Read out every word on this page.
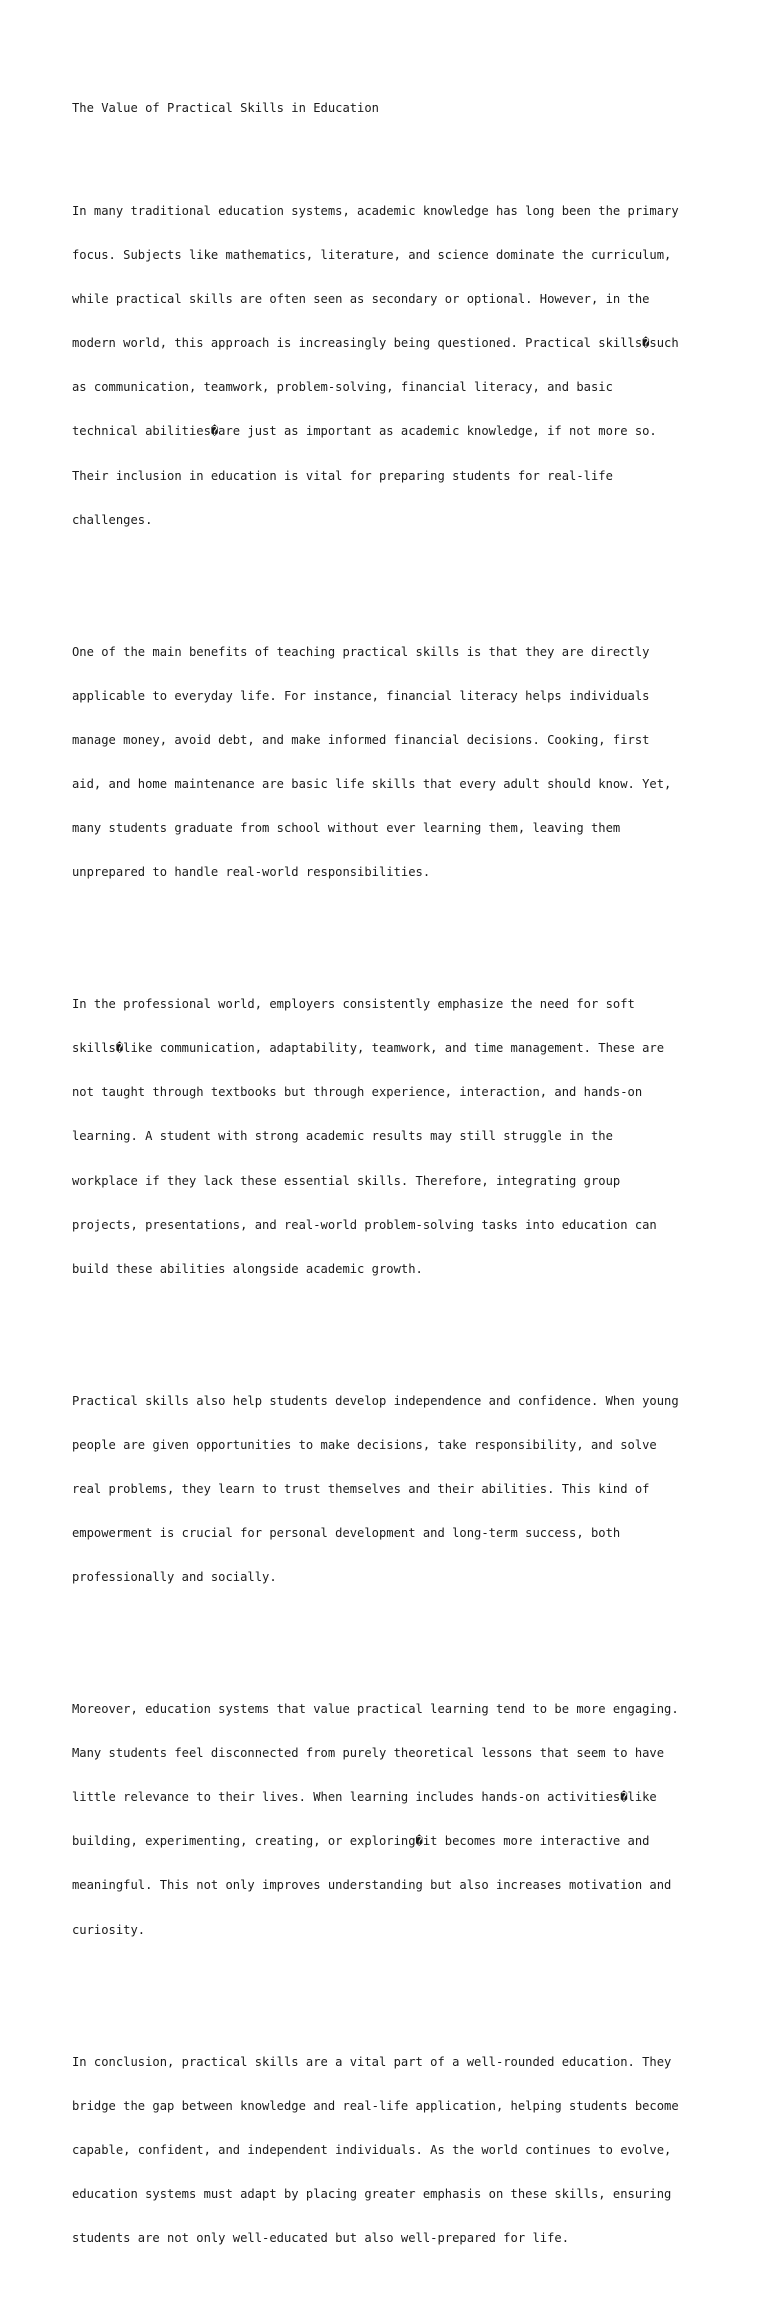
The Value of Practical Skills in Education

In many traditional education systems, academic knowledge has long been the primary

focus. Subjects like mathematics, literature, and science dominate the curriculum,

while practical skills are often seen as secondary or optional. However, in the

modern world, this approach is increasingly being questioned. Practical skills�such

as communication, teamwork, problem-solving, financial literacy, and basic

technical abilities�are just as important as academic knowledge, if not more so.

Their inclusion in education is vital for preparing students for real-life

challenges.

One of the main benefits of teaching practical skills is that they are directly

applicable to everyday life. For instance, financial literacy helps individuals

manage money, avoid debt, and make informed financial decisions. Cooking, first

aid, and home maintenance are basic life skills that every adult should know. Yet,

many students graduate from school without ever learning them, leaving them

unprepared to handle real-world responsibilities.

In the professional world, employers consistently emphasize the need for soft

skills�like communication, adaptability, teamwork, and time management. These are

not taught through textbooks but through experience, interaction, and hands-on

learning. A student with strong academic results may still struggle in the

workplace if they lack these essential skills. Therefore, integrating group

projects, presentations, and real-world problem-solving tasks into education can

build these abilities alongside academic growth.

Practical skills also help students develop independence and confidence. When young

people are given opportunities to make decisions, take responsibility, and solve

real problems, they learn to trust themselves and their abilities. This kind of

empowerment is crucial for personal development and long-term success, both

professionally and socially.

Moreover, education systems that value practical learning tend to be more engaging.

Many students feel disconnected from purely theoretical lessons that seem to have

little relevance to their lives. When learning includes hands-on activities�like

building, experimenting, creating, or exploring�it becomes more interactive and

meaningful. This not only improves understanding but also increases motivation and

curiosity.

In conclusion, practical skills are a vital part of a well-rounded education. They

bridge the gap between knowledge and real-life application, helping students become

capable, confident, and independent individuals. As the world continues to evolve,

education systems must adapt by placing greater emphasis on these skills, ensuring

students are not only well-educated but also well-prepared for life.
